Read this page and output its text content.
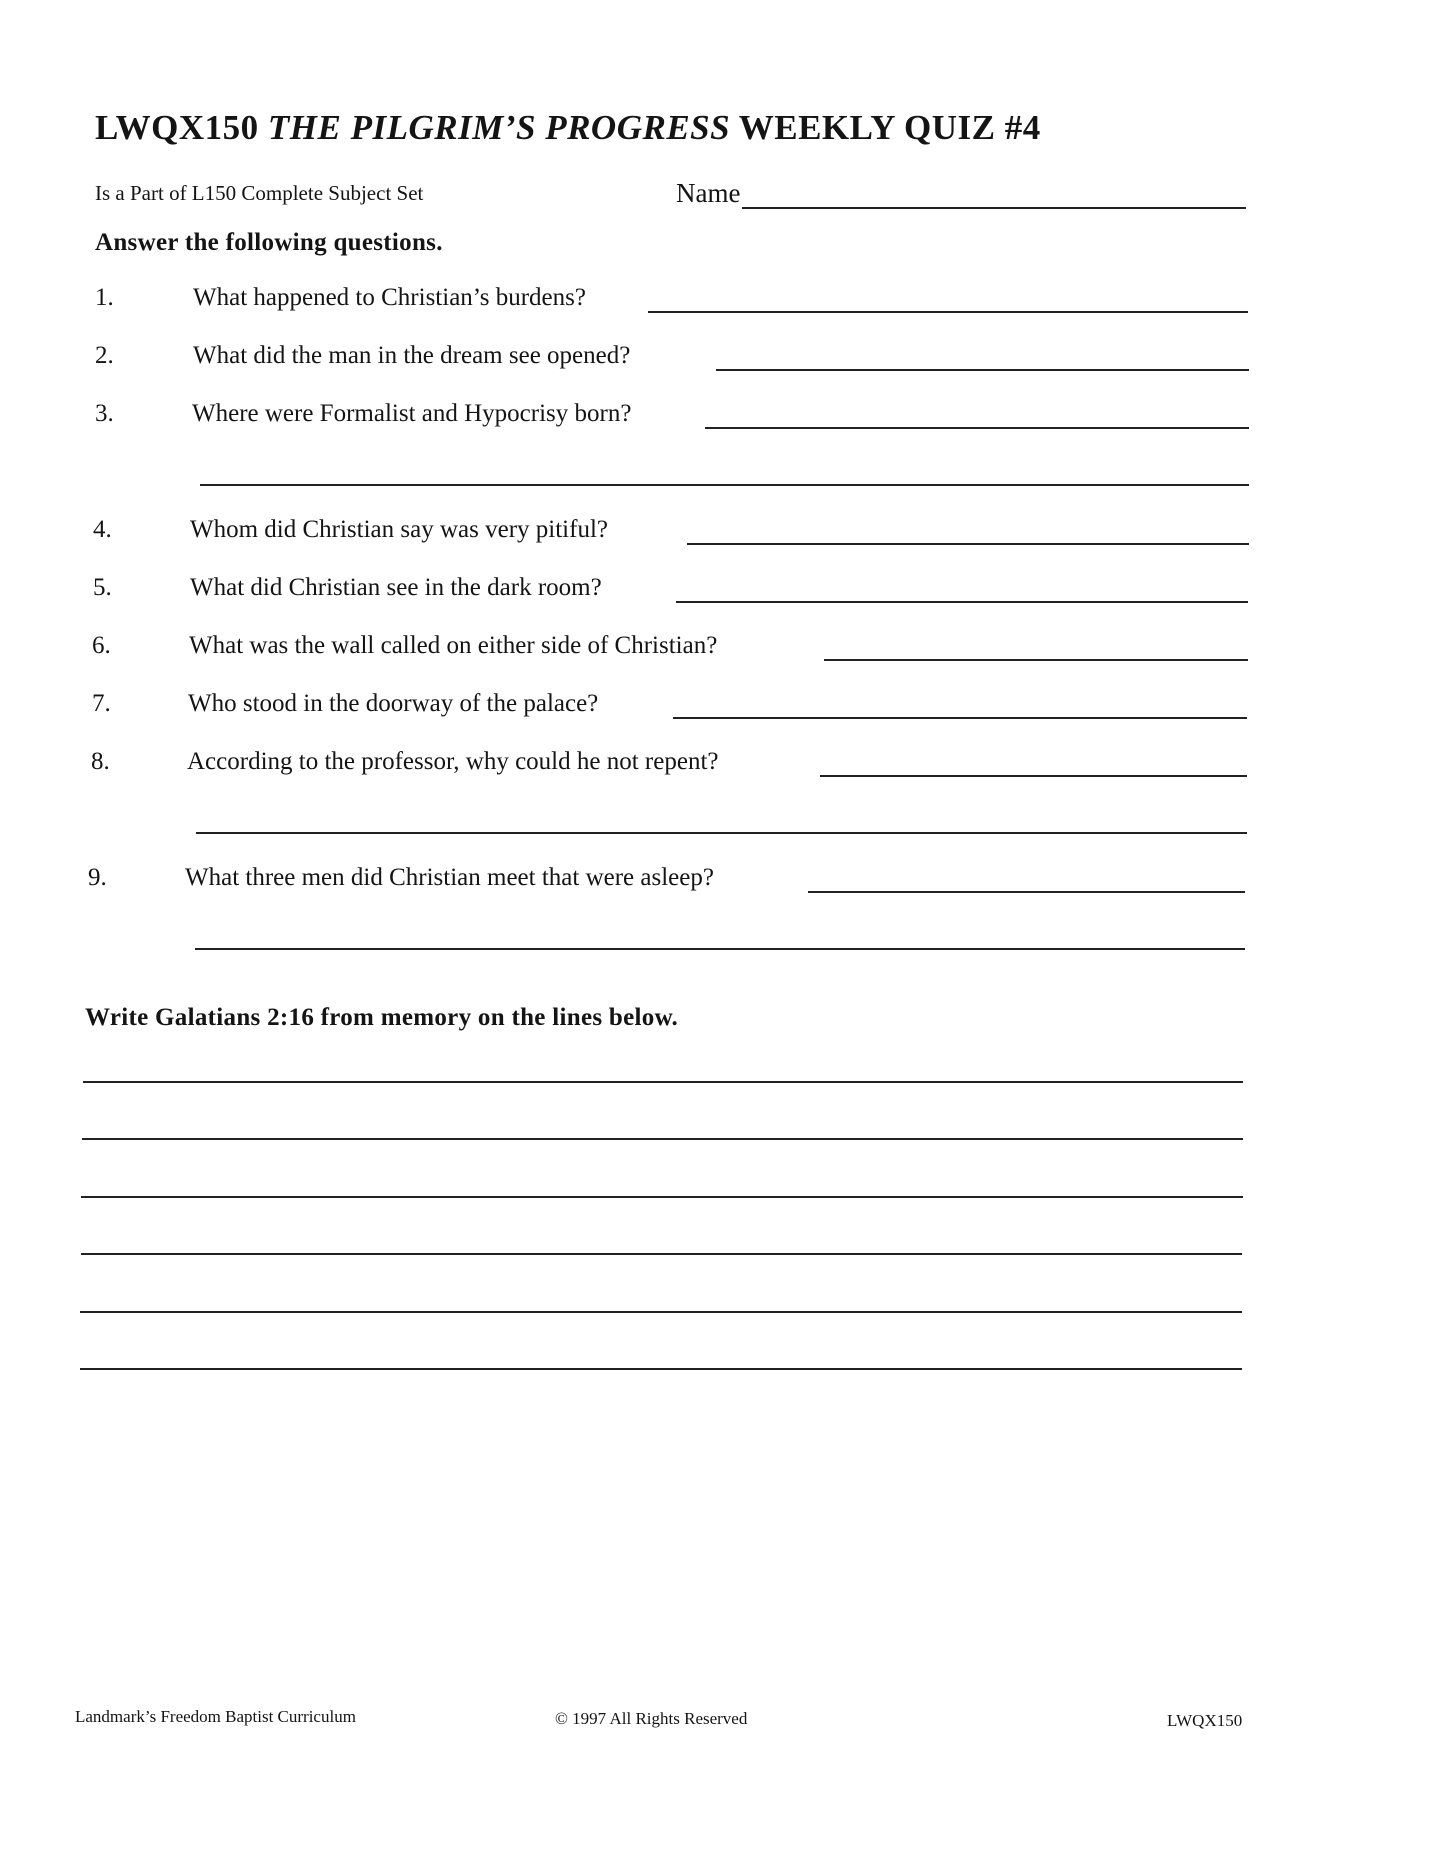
LWQX150 THE PILGRIM’S PROGRESS WEEKLY QUIZ #4
Is a Part of L150 Complete Subject Set	Name
Answer the following questions.
1.	What happened to Christian’s burdens?
2.	What did the man in the dream see opened?
3.	Where were Formalist and Hypocrisy born?
4.	Whom did Christian say was very pitiful?
5.	What did Christian see in the dark room?
6.	What was the wall called on either side of Christian?
7.	Who stood in the doorway of the palace?
8.	According to the professor, why could he not repent?
9.	What three men did Christian meet that were asleep?
Write Galatians 2:16 from memory on the lines below.
Landmark’s Freedom Baptist Curriculum	© 1997 All Rights Reserved	LWQX150
